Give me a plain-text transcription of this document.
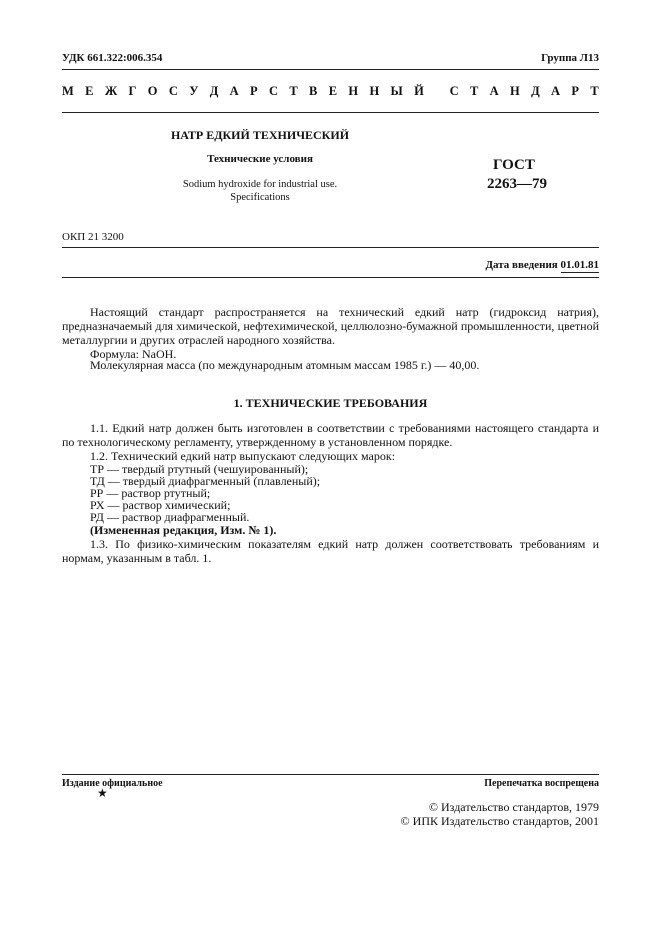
УДК 661.322:006.354	Группа Л13
М Е Ж Г О С У Д А Р С Т В Е Н Н Ы Й
С Т А Н Д А Р Т
НАТР ЕДКИЙ ТЕХНИЧЕСКИЙ
Технические условия
Sodium hydroxide for industrial use.
Specifications
ГОСТ
2263—79
ОКП 21 3200
Дата введения 01.01.81
Настоящий стандарт распространяется на технический едкий натр (гидроксид натрия), предназначаемый для химической, нефтехимической, целлюлозно-бумажной промышленности, цветной металлургии и других отраслей народного хозяйства.
Формула: NaOH.
Молекулярная масса (по международным атомным массам 1985 г.) — 40,00.
1. ТЕХНИЧЕСКИЕ ТРЕБОВАНИЯ
1.1. Едкий натр должен быть изготовлен в соответствии с требованиями настоящего стандарта и по технологическому регламенту, утвержденному в установленном порядке.
1.2. Технический едкий натр выпускают следующих марок:
ТР — твердый ртутный (чешуированный);
ТД — твердый диафрагменный (плавленый);
РР — раствор ртутный;
РХ — раствор химический;
РД — раствор диафрагменный.
(Измененная редакция, Изм. № 1).
1.3. По физико-химическим показателям едкий натр должен соответствовать требованиям и нормам, указанным в табл. 1.
Издание официальное
★
Перепечатка воспрещена
© Издательство стандартов, 1979
© ИПК Издательство стандартов, 2001
